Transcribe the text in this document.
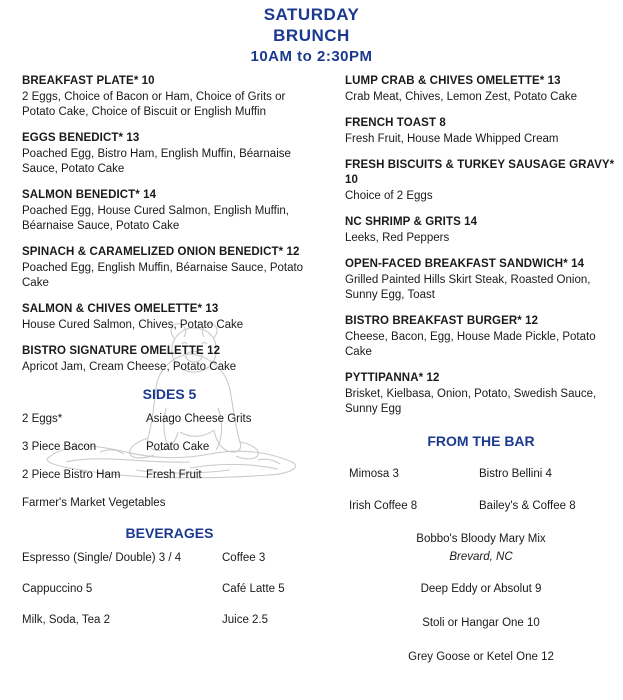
SATURDAY
BRUNCH
10AM to 2:30PM
BREAKFAST PLATE* 10
2 Eggs, Choice of Bacon or Ham, Choice of Grits or Potato Cake, Choice of Biscuit or English Muffin
EGGS BENEDICT* 13
Poached Egg, Bistro Ham, English Muffin, Béarnaise Sauce, Potato Cake
SALMON BENEDICT* 14
Poached Egg, House Cured Salmon, English Muffin, Béarnaise Sauce, Potato Cake
SPINACH & CARAMELIZED ONION BENEDICT* 12
Poached Egg, English Muffin, Béarnaise Sauce, Potato Cake
SALMON & CHIVES OMELETTE* 13
House Cured Salmon, Chives, Potato Cake
BISTRO SIGNATURE OMELETTE 12
Apricot Jam, Cream Cheese, Potato Cake
SIDES 5
2 Eggs*	Asiago Cheese Grits
3 Piece Bacon	Potato Cake
2 Piece Bistro Ham	Fresh Fruit
Farmer's Market Vegetables
BEVERAGES
Espresso (Single/ Double) 3 / 4	Coffee 3
Cappuccino 5	Café Latte 5
Milk, Soda, Tea 2	Juice 2.5
LUMP CRAB & CHIVES OMELETTE* 13
Crab Meat, Chives, Lemon Zest, Potato Cake
FRENCH TOAST 8
Fresh Fruit, House Made Whipped Cream
FRESH BISCUITS & TURKEY SAUSAGE GRAVY* 10
Choice of 2 Eggs
NC SHRIMP & GRITS 14
Leeks, Red Peppers
OPEN-FACED BREAKFAST SANDWICH* 14
Grilled Painted Hills Skirt Steak, Roasted Onion, Sunny Egg, Toast
BISTRO BREAKFAST BURGER* 12
Cheese, Bacon, Egg, House Made Pickle, Potato Cake
PYTTIPANNA* 12
Brisket, Kielbasa, Onion, Potato, Swedish Sauce, Sunny Egg
FROM THE BAR
Mimosa 3	Bistro Bellini 4
Irish Coffee 8	Bailey's & Coffee 8
Bobbo's Bloody Mary Mix
Brevard, NC
Deep Eddy or Absolut 9
Stoli or Hangar One 10
Grey Goose or Ketel One 12
